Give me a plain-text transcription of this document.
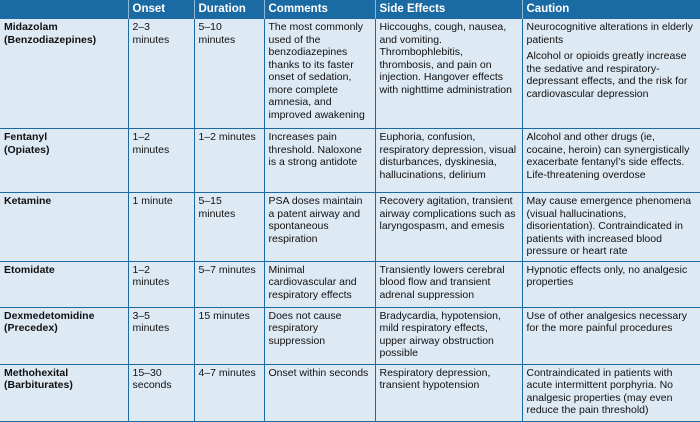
	Onset	Duration	Comments	Side Effects	Caution

Midazolam
(Benzodiazepines)	2–3 minutes	5–10 minutes	The most commonly used of the benzodiazepines thanks to its faster onset of sedation, more complete amnesia, and improved awakening	Hiccoughs, cough, nausea, and vomiting. Thrombophlebitis, thrombosis, and pain on injection. Hangover effects with nighttime administration	Neurocognitive alterations in elderly patients
Alcohol or opioids greatly increase the sedative and respiratory-depressant effects, and the risk for cardiovascular depression

Fentanyl
(Opiates)	1–2 minutes	1–2 minutes	Increases pain threshold. Naloxone is a strong antidote	Euphoria, confusion, respiratory depression, visual disturbances, dyskinesia, hallucinations, delirium	Alcohol and other drugs (ie, cocaine, heroin) can synergistically exacerbate fentanyl’s side effects. Life-threatening overdose

Ketamine	1 minute	5–15 minutes	PSA doses maintain a patent airway and spontaneous respiration	Recovery agitation, transient airway complications such as laryngospasm, and emesis	May cause emergence phenomena (visual hallucinations, disorientation). Contraindicated in patients with increased blood pressure or heart rate

Etomidate	1–2 minutes	5–7 minutes	Minimal cardiovascular and respiratory effects	Transiently lowers cerebral blood flow and transient adrenal suppression	Hypnotic effects only, no analgesic properties

Dexmedetomidine
(Precedex)	3–5 minutes	15 minutes	Does not cause respiratory suppression	Bradycardia, hypotension, mild respiratory effects, upper airway obstruction possible	Use of other analgesics necessary for the more painful procedures

Methohexital
(Barbiturates)	15–30 seconds	4–7 minutes	Onset within seconds	Respiratory depression, transient hypotension	Contraindicated in patients with acute intermittent porphyria. No analgesic properties (may even reduce the pain threshold)
